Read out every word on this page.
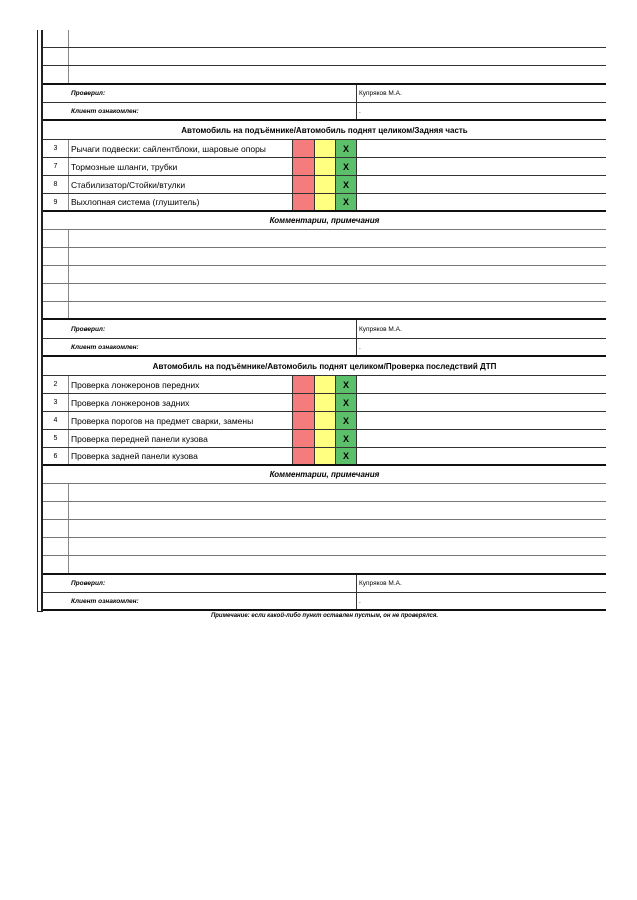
Проверил:	Купряков М.А.
Клиент ознакомлен:	.
Автомобиль на подъёмнике/Автомобиль поднят целиком/Задняя часть
3	Рычаги подвески: сайлентблоки, шаровые опоры	X
7	Тормозные шланги, трубки	X
8	Стабилизатор/Стойки/втулки	X
9	Выхлопная система (глушитель)	X
Комментарии, примечания
Проверил:	Купряков М.А.
Клиент ознакомлен:	.
Автомобиль на подъёмнике/Автомобиль поднят целиком/Проверка последствий ДТП
2	Проверка лонжеронов передних	X
3	Проверка лонжеронов задних	X
4	Проверка порогов на предмет сварки, замены	X
5	Проверка передней панели кузова	X
6	Проверка задней панели кузова	X
Комментарии, примечания
Проверил:	Купряков М.А.
Клиент ознакомлен:	.
Примечание: если какой-либо пункт оставлен пустым, он не проверялся.
